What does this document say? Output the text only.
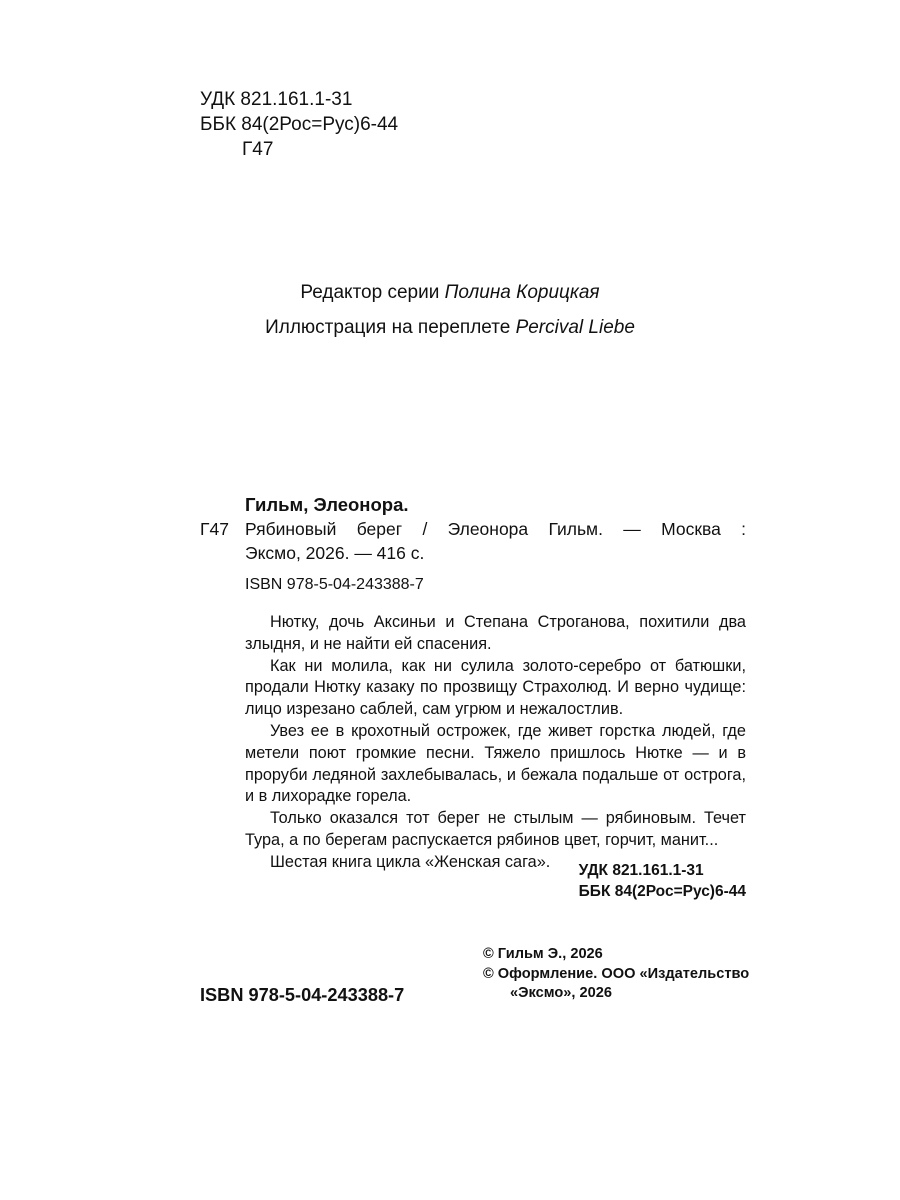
УДК 821.161.1-31
ББК 84(2Рос=Рус)6-44
Г47
Редактор серии Полина Корицкая
Иллюстрация на переплете Percival Liebe
Гильм, Элеонора.
Г47 Рябиновый берег / Элеонора Гильм. — Москва :
Эксмо, 2026. — 416 с.
ISBN 978-5-04-243388-7

Нютку, дочь Аксиньи и Степана Строганова, похитили два злыдня, и не найти ей спасения.

Как ни молила, как ни сулила золото-серебро от батюшки, продали Нютку казаку по прозвищу Страхолюд. И верно чудище: лицо изрезано саблей, сам угрюм и нежалостлив.

Увез ее в крохотный острожек, где живет горстка людей, где метели поют громкие песни. Тяжело пришлось Нютке — и в проруби ледяной захлебывалась, и бежала подальше от острога, и в лихорадке горела.

Только оказался тот берег не стылым — рябиновым. Течет Тура, а по берегам распускается рябинов цвет, горчит, манит...

Шестая книга цикла «Женская сага».	УДК 821.161.1-31
ББК 84(2Рос=Рус)6-44
© Гильм Э., 2026
© Оформление. ООО «Издательство
«Эксмо», 2026
ISBN 978-5-04-243388-7
